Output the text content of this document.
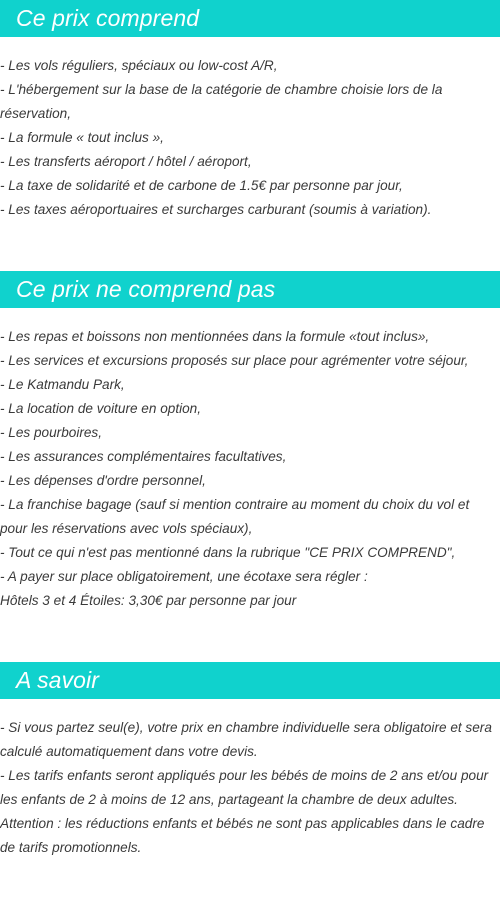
Ce prix comprend
- Les vols réguliers, spéciaux ou low-cost A/R,
- L'hébergement sur la base de la catégorie de chambre choisie lors de la réservation,
- La formule « tout inclus »,
- Les transferts aéroport / hôtel / aéroport,
- La taxe de solidarité et de carbone de 1.5€ par personne par jour,
- Les taxes aéroportuaires et surcharges carburant (soumis à variation).
Ce prix ne comprend pas
- Les repas et boissons non mentionnées dans la formule «tout inclus»,
- Les services et excursions proposés sur place pour agrémenter votre séjour,
- Le Katmandu Park,
- La location de voiture en option,
- Les pourboires,
- Les assurances complémentaires facultatives,
- Les dépenses d'ordre personnel,
- La franchise bagage (sauf si mention contraire au moment du choix du vol et pour les réservations avec vols spéciaux),
- Tout ce qui n'est pas mentionné dans la rubrique "CE PRIX COMPREND",
- A payer sur place obligatoirement, une écotaxe sera régler :
Hôtels 3 et 4 Étoiles: 3,30€ par personne par jour
A savoir
- Si vous partez seul(e), votre prix en chambre individuelle sera obligatoire et sera calculé automatiquement dans votre devis.
- Les tarifs enfants seront appliqués pour les bébés de moins de 2 ans et/ou pour les enfants de 2 à moins de 12 ans, partageant la chambre de deux adultes.
Attention : les réductions enfants et bébés ne sont pas applicables dans le cadre de tarifs promotionnels.
